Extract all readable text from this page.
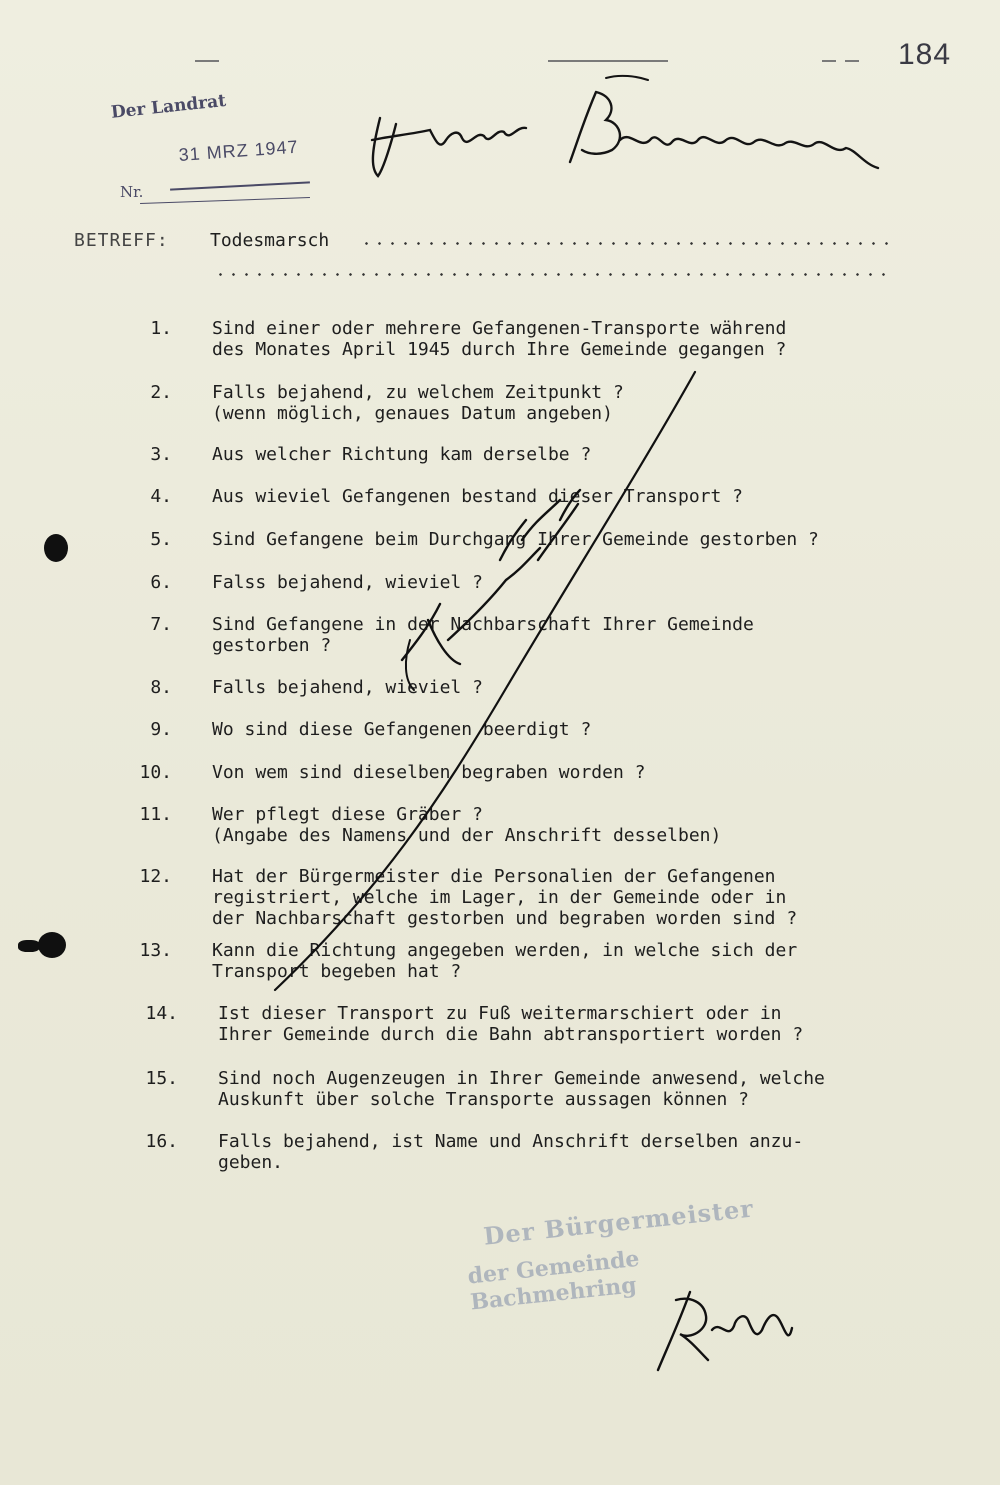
184
Der Landrat
31 MRZ 1947
Nr.
BETREFF: Todesmarsch
1. Sind einer oder mehrere Gefangenen-Transporte während
des Monates April 1945 durch Ihre Gemeinde gegangen ?
2. Falls bejahend, zu welchem Zeitpunkt ?
(wenn möglich, genaues Datum angeben)
3. Aus welcher Richtung kam derselbe ?
4. Aus wieviel Gefangenen bestand dieser Transport ?
5. Sind Gefangene beim Durchgang Ihrer Gemeinde gestorben ?
6. Falss bejahend, wieviel ?
7. Sind Gefangene in der Nachbarschaft Ihrer Gemeinde
gestorben ?
8. Falls bejahend, wieviel ?
9. Wo sind diese Gefangenen beerdigt ?
10. Von wem sind dieselben begraben worden ?
11. Wer pflegt diese Gräber ?
(Angabe des Namens und der Anschrift desselben)
12. Hat der Bürgermeister die Personalien der Gefangenen
registriert, welche im Lager, in der Gemeinde oder in
der Nachbarschaft gestorben und begraben worden sind ?
13. Kann die Richtung angegeben werden, in welche sich der
Transport begeben hat ?
14. Ist dieser Transport zu Fuß weitermarschiert oder in
Ihrer Gemeinde durch die Bahn abtransportiert worden ?
15. Sind noch Augenzeugen in Ihrer Gemeinde anwesend, welche
Auskunft über solche Transporte aussagen können ?
16. Falls bejahend, ist Name und Anschrift derselben anzu-
geben.
Der Bürgermeister
der Gemeinde Bachmehring
